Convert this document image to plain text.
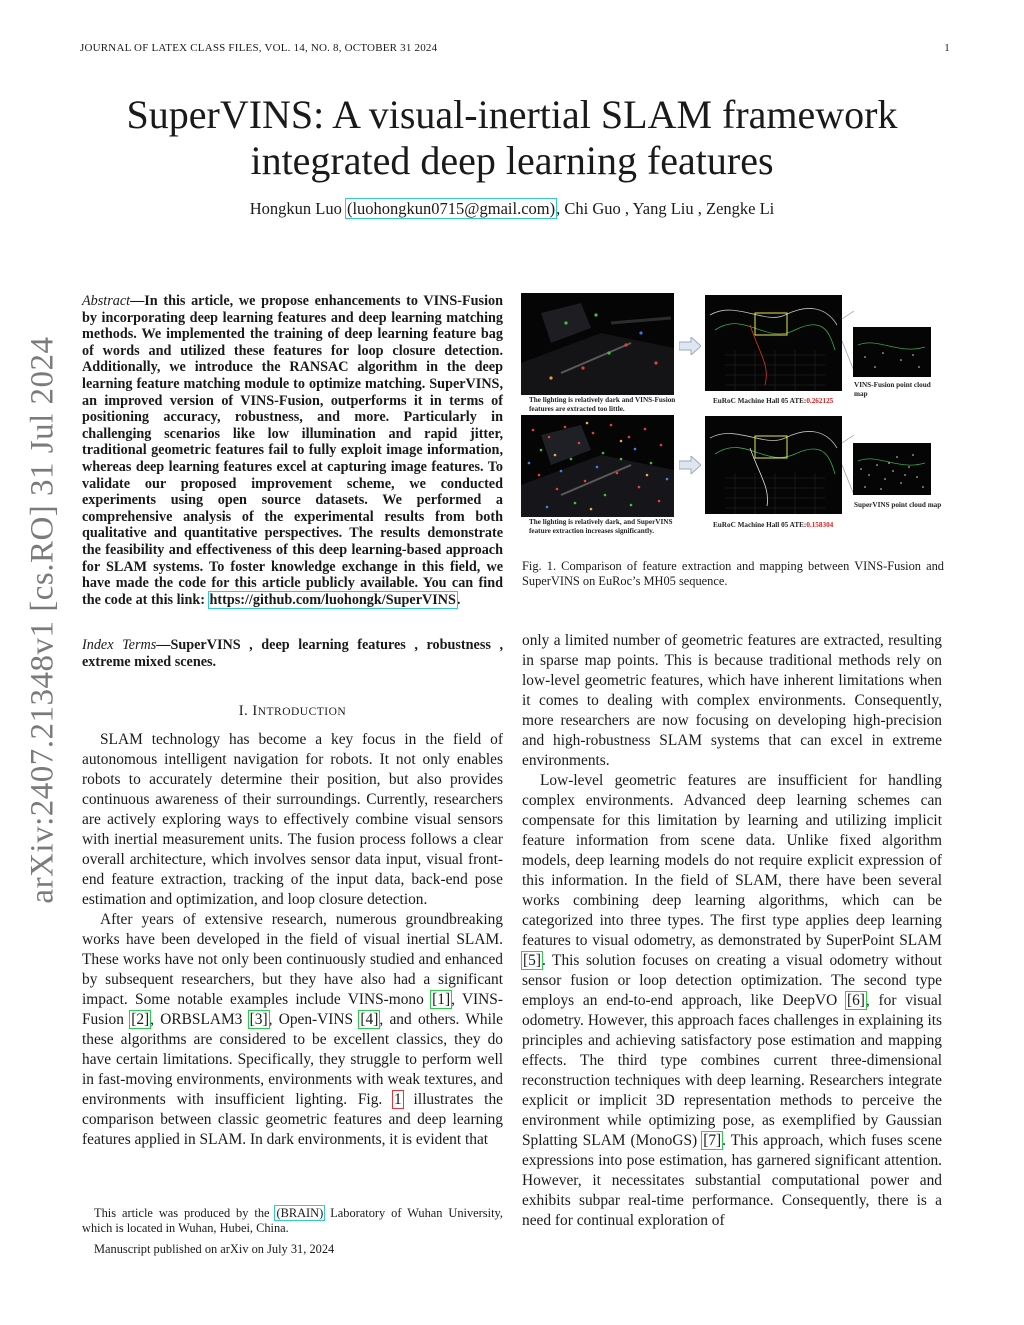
JOURNAL OF LATEX CLASS FILES, VOL. 14, NO. 8, OCTOBER 31 2024	1
SuperVINS: A visual-inertial SLAM framework
integrated deep learning features
Hongkun Luo (luohongkun0715@gmail.com), Chi Guo , Yang Liu , Zengke Li
arXiv:2407.21348v1 [cs.RO] 31 Jul 2024
Abstract—In this article, we propose enhancements to VINS-Fusion by incorporating deep learning features and deep learning matching methods. We implemented the training of deep learning feature bag of words and utilized these features for loop closure detection. Additionally, we introduce the RANSAC algorithm in the deep learning feature matching module to optimize matching. SuperVINS, an improved version of VINS-Fusion, outperforms it in terms of positioning accuracy, robustness, and more. Particularly in challenging scenarios like low illumination and rapid jitter, traditional geometric features fail to fully exploit image information, whereas deep learning features excel at capturing image features. To validate our proposed improvement scheme, we conducted experiments using open source datasets. We performed a comprehensive analysis of the experimental results from both qualitative and quantitative perspectives. The results demonstrate the feasibility and effectiveness of this deep learning-based approach for SLAM systems. To foster knowledge exchange in this field, we have made the code for this article publicly available. You can find the code at this link: https://github.com/luohongk/SuperVINS.
Index Terms—SuperVINS , deep learning features , robustness , extreme mixed scenes.
I. INTRODUCTION

SLAM technology has become a key focus in the field of autonomous intelligent navigation for robots. It not only enables robots to accurately determine their position, but also provides continuous awareness of their surroundings. Currently, researchers are actively exploring ways to effectively combine visual sensors with inertial measurement units. The fusion process follows a clear overall architecture, which involves sensor data input, visual front-end feature extraction, tracking of the input data, back-end pose estimation and optimization, and loop closure detection.

After years of extensive research, numerous groundbreaking works have been developed in the field of visual inertial SLAM. These works have not only been continuously studied and enhanced by subsequent researchers, but they have also had a significant impact. Some notable examples include VINS-mono [1], VINS-Fusion [2], ORBSLAM3 [3], Open-VINS [4], and others. While these algorithms are considered to be excellent classics, they do have certain limitations. Specifically, they struggle to perform well in fast-moving environments, environments with weak textures, and environments with insufficient lighting. Fig. 1 illustrates the comparison between classic geometric features and deep learning features applied in SLAM. In dark environments, it is evident that

only a limited number of geometric features are extracted, resulting in sparse map points. This is because traditional methods rely on low-level geometric features, which have inherent limitations when it comes to dealing with complex environments. Consequently, more researchers are now focusing on developing high-precision and high-robustness SLAM systems that can excel in extreme environments.

Low-level geometric features are insufficient for handling complex environments. Advanced deep learning schemes can compensate for this limitation by learning and utilizing implicit feature information from scene data. Unlike fixed algorithm models, deep learning models do not require explicit expression of this information. In the field of SLAM, there have been several works combining deep learning algorithms, which can be categorized into three types. The first type applies deep learning features to visual odometry, as demonstrated by SuperPoint SLAM [5]. This solution focuses on creating a visual odometry without sensor fusion or loop detection optimization. The second type employs an end-to-end approach, like DeepVO [6], for visual odometry. However, this approach faces challenges in explaining its principles and achieving satisfactory pose estimation and mapping effects. The third type combines current three-dimensional reconstruction techniques with deep learning. Researchers integrate explicit or implicit 3D representation methods to perceive the environment while optimizing pose, as exemplified by Gaussian Splatting SLAM (MonoGS) [7]. This approach, which fuses scene expressions into pose estimation, has garnered significant attention. However, it necessitates substantial computational power and exhibits subpar real-time performance. Consequently, there is a need for continual exploration of

This article was produced by the (BRAIN) Laboratory of Wuhan University, which is located in Wuhan, Hubei, China.

Manuscript published on arXiv on July 31, 2024

The lighting is relatively dark and VINS-Fusion features are extracted too little.
EuRoC Machine Hall 05 ATE:0.262125
VINS-Fusion point cloud map
The lighting is relatively dark, and SuperVINS feature extraction increases significantly.
EuRoC Machine Hall 05 ATE:0.158304
SuperVINS point cloud map
Fig. 1. Comparison of feature extraction and mapping between VINS-Fusion and SuperVINS on EuRoc’s MH05 sequence.
